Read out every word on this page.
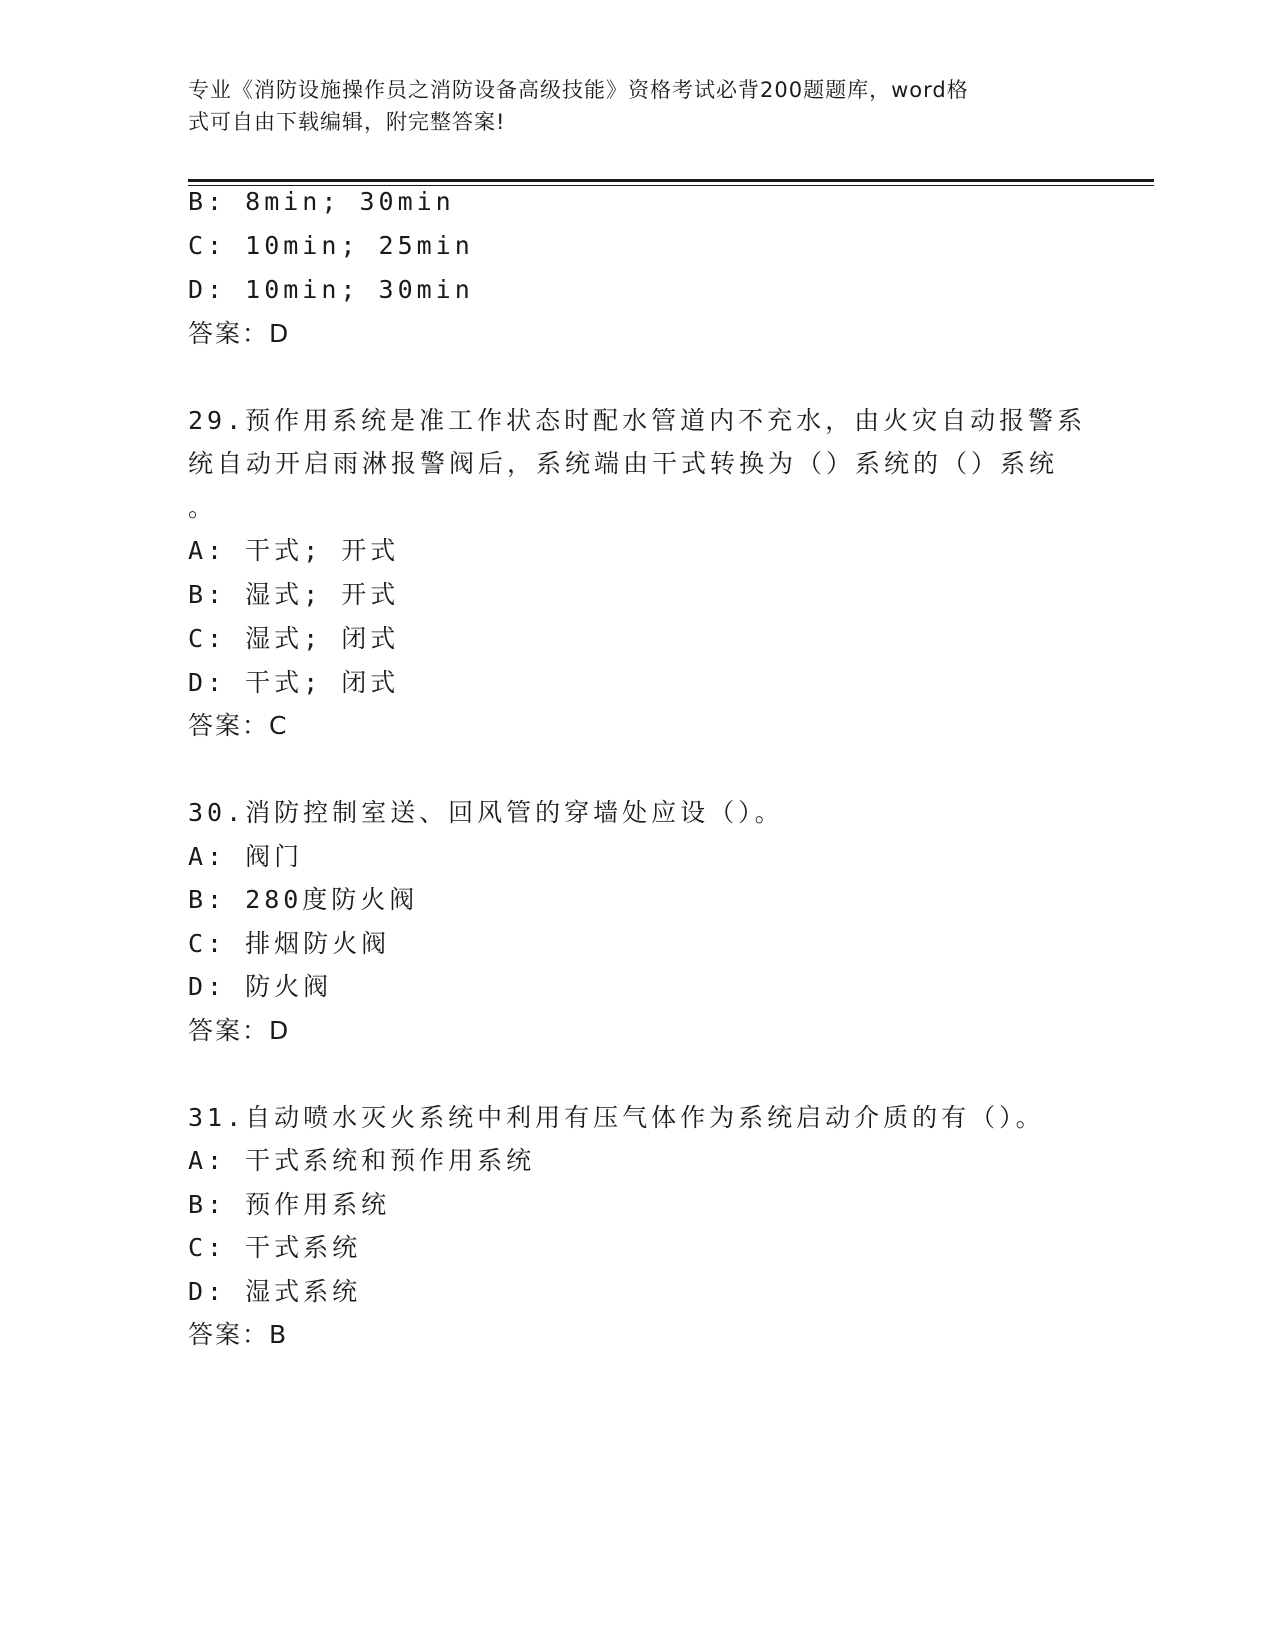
专业《消防设施操作员之消防设备高级技能》资格考试必背200题题库，word格
式可自由下载编辑，附完整答案!
B: 8min; 30min
C: 10min; 25min
D: 10min; 30min
答案：D
29.预作用系统是准工作状态时配水管道内不充水，由火灾自动报警系
统自动开启雨淋报警阀后，系统端由干式转换为（）系统的（）系统
。
A: 干式; 开式
B: 湿式; 开式
C: 湿式; 闭式
D: 干式; 闭式
答案：C
30.消防控制室送、回风管的穿墙处应设（）。
A: 阀门
B: 280度防火阀
C: 排烟防火阀
D: 防火阀
答案：D
31.自动喷水灭火系统中利用有压气体作为系统启动介质的有（）。
A: 干式系统和预作用系统
B: 预作用系统
C: 干式系统
D: 湿式系统
答案：B
